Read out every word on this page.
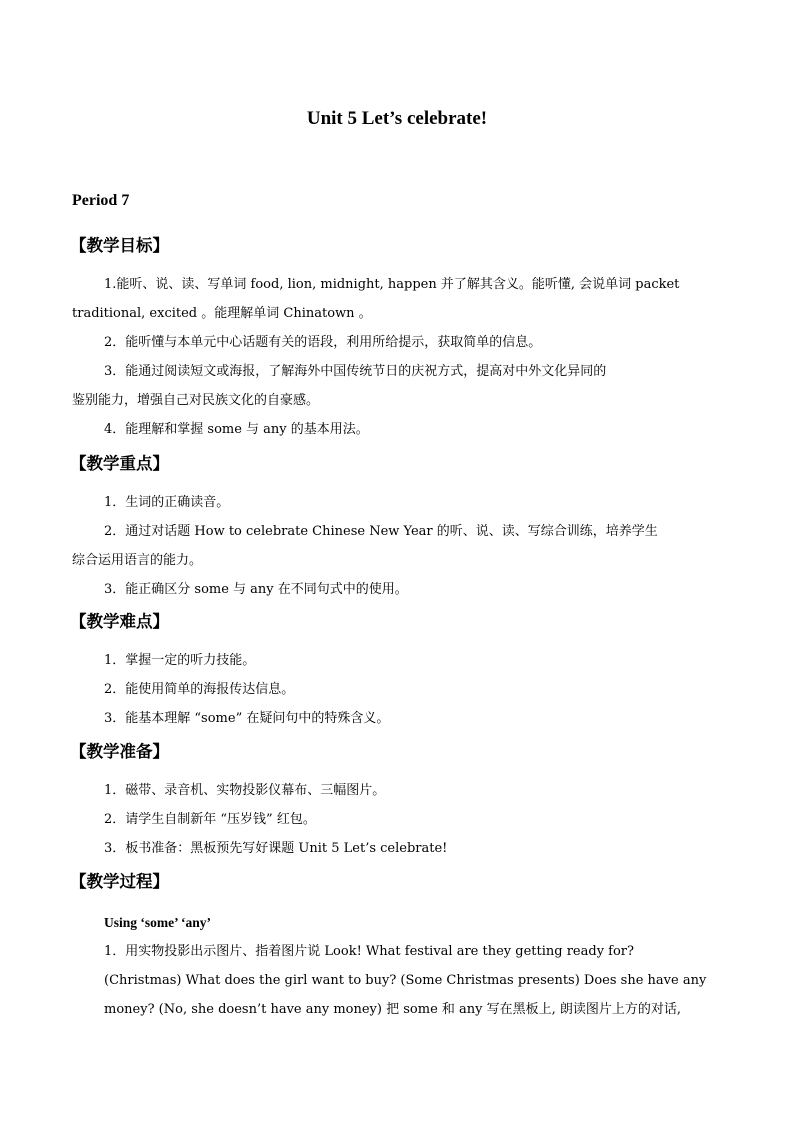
Unit 5 Let’s celebrate!
Period 7
【教学目标】
1.能听、说、读、写单词 food, lion, midnight, happen 并了解其含义。能听懂, 会说单词 packet
traditional, excited 。能理解单词 Chinatown 。
2．能听懂与本单元中心话题有关的语段，利用所给提示，获取简单的信息。
3．能通过阅读短文或海报，了解海外中国传统节日的庆祝方式，提高对中外文化异同的
鉴别能力，增强自己对民族文化的自豪感。
4．能理解和掌握 some 与 any 的基本用法。
【教学重点】
1．生词的正确读音。
2．通过对话题 How to celebrate Chinese New Year 的听、说、读、写综合训练，培养学生
综合运用语言的能力。
3．能正确区分 some 与 any 在不同句式中的使用。
【教学难点】
1．掌握一定的听力技能。
2．能使用简单的海报传达信息。
3．能基本理解 “some” 在疑问句中的特殊含义。
【教学准备】
1．磁带、录音机、实物投影仪幕布、三幅图片。
2．请学生自制新年 “压岁钱” 红包。
3．板书准备：黑板预先写好课题 Unit 5 Let’s celebrate!
【教学过程】
Using ‘some’ ‘any’
1．用实物投影出示图片、指着图片说 Look! What festival are they getting ready for?
(Christmas) What does the girl want to buy? (Some Christmas presents) Does she have any
money? (No, she doesn’t have any money) 把 some 和 any 写在黑板上, 朗读图片上方的对话,
